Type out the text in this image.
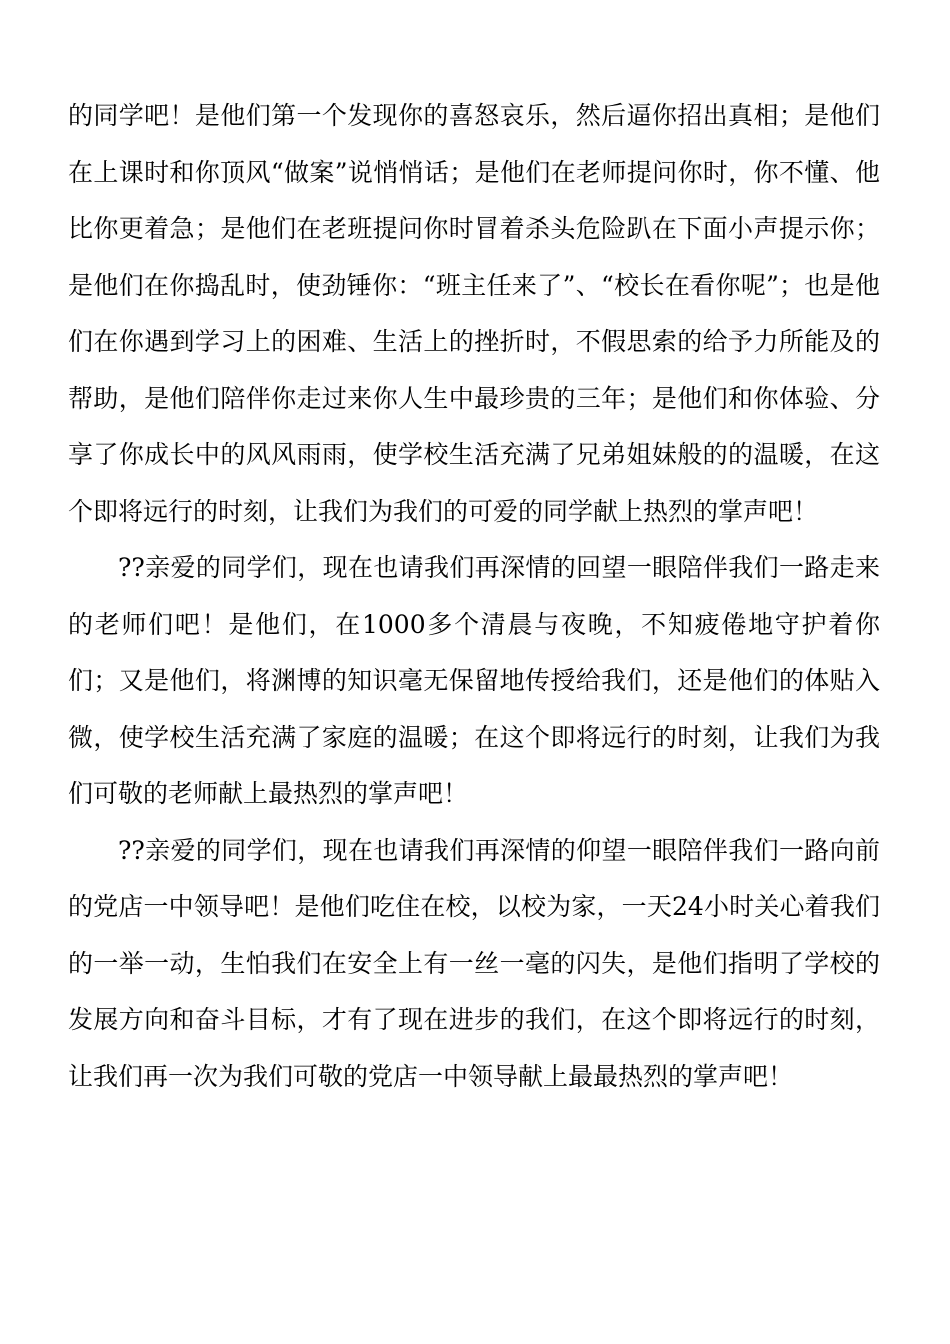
的同学吧！是他们第一个发现你的喜怒哀乐，然后逼你招出真相；是他们在上课时和你顶风“做案”说悄悄话；是他们在老师提问你时，你不懂、他比你更着急；是他们在老班提问你时冒着杀头危险趴在下面小声提示你；是他们在你捣乱时，使劲锤你：“班主任来了”、“校长在看你呢”；也是他们在你遇到学习上的困难、生活上的挫折时，不假思索的给予力所能及的帮助，是他们陪伴你走过来你人生中最珍贵的三年；是他们和你体验、分享了你成长中的风风雨雨，使学校生活充满了兄弟姐妹般的的温暖，在这个即将远行的时刻，让我们为我们的可爱的同学献上热烈的掌声吧！

??亲爱的同学们，现在也请我们再深情的回望一眼陪伴我们一路走来的老师们吧！是他们，在1000多个清晨与夜晚，不知疲倦地守护着你们；又是他们，将渊博的知识毫无保留地传授给我们，还是他们的体贴入微，使学校生活充满了家庭的温暖；在这个即将远行的时刻，让我们为我们可敬的老师献上最热烈的掌声吧！

??亲爱的同学们，现在也请我们再深情的仰望一眼陪伴我们一路向前的党店一中领导吧！是他们吃住在校，以校为家，一天24小时关心着我们的一举一动，生怕我们在安全上有一丝一毫的闪失，是他们指明了学校的发展方向和奋斗目标，才有了现在进步的我们，在这个即将远行的时刻，让我们再一次为我们可敬的党店一中领导献上最最热烈的掌声吧！
